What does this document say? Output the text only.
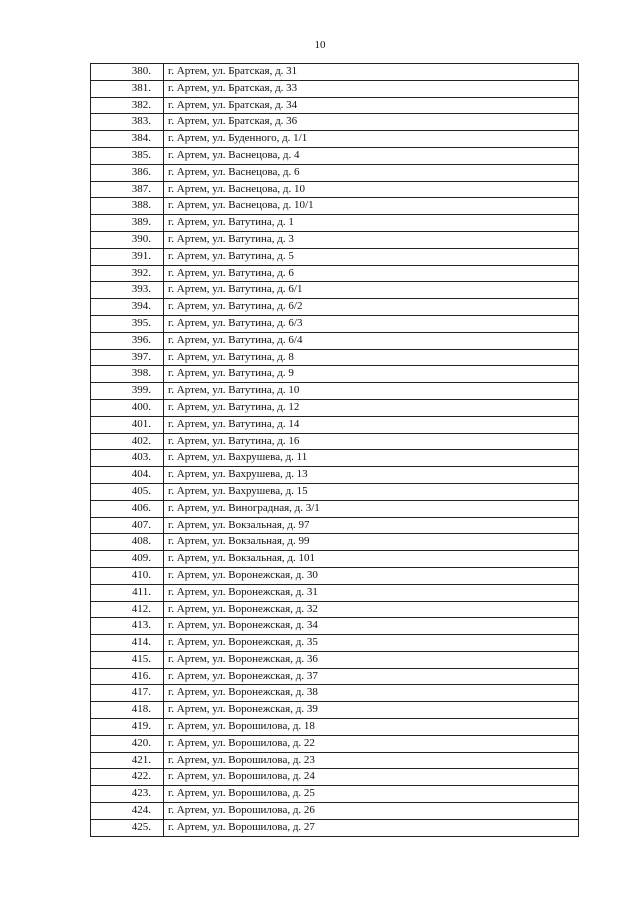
10
380.	г. Артем, ул. Братская, д. 31
381.	г. Артем, ул. Братская, д. 33
382.	г. Артем, ул. Братская, д. 34
383.	г. Артем, ул. Братская, д. 36
384.	г. Артем, ул. Буденного, д. 1/1
385.	г. Артем, ул. Васнецова, д. 4
386.	г. Артем, ул. Васнецова, д. 6
387.	г. Артем, ул. Васнецова, д. 10
388.	г. Артем, ул. Васнецова, д. 10/1
389.	г. Артем, ул. Ватутина, д. 1
390.	г. Артем, ул. Ватутина, д. 3
391.	г. Артем, ул. Ватутина, д. 5
392.	г. Артем, ул. Ватутина, д. 6
393.	г. Артем, ул. Ватутина, д. 6/1
394.	г. Артем, ул. Ватутина, д. 6/2
395.	г. Артем, ул. Ватутина, д. 6/3
396.	г. Артем, ул. Ватутина, д. 6/4
397.	г. Артем, ул. Ватутина, д. 8
398.	г. Артем, ул. Ватутина, д. 9
399.	г. Артем, ул. Ватутина, д. 10
400.	г. Артем, ул. Ватутина, д. 12
401.	г. Артем, ул. Ватутина, д. 14
402.	г. Артем, ул. Ватутина, д. 16
403.	г. Артем, ул. Вахрушева, д. 11
404.	г. Артем, ул. Вахрушева, д. 13
405.	г. Артем, ул. Вахрушева, д. 15
406.	г. Артем, ул. Виноградная, д. 3/1
407.	г. Артем, ул. Вокзальная, д. 97
408.	г. Артем, ул. Вокзальная, д. 99
409.	г. Артем, ул. Вокзальная, д. 101
410.	г. Артем, ул. Воронежская, д. 30
411.	г. Артем, ул. Воронежская, д. 31
412.	г. Артем, ул. Воронежская, д. 32
413.	г. Артем, ул. Воронежская, д. 34
414.	г. Артем, ул. Воронежская, д. 35
415.	г. Артем, ул. Воронежская, д. 36
416.	г. Артем, ул. Воронежская, д. 37
417.	г. Артем, ул. Воронежская, д. 38
418.	г. Артем, ул. Воронежская, д. 39
419.	г. Артем, ул. Ворошилова, д. 18
420.	г. Артем, ул. Ворошилова, д. 22
421.	г. Артем, ул. Ворошилова, д. 23
422.	г. Артем, ул. Ворошилова, д. 24
423.	г. Артем, ул. Ворошилова, д. 25
424.	г. Артем, ул. Ворошилова, д. 26
425.	г. Артем, ул. Ворошилова, д. 27
